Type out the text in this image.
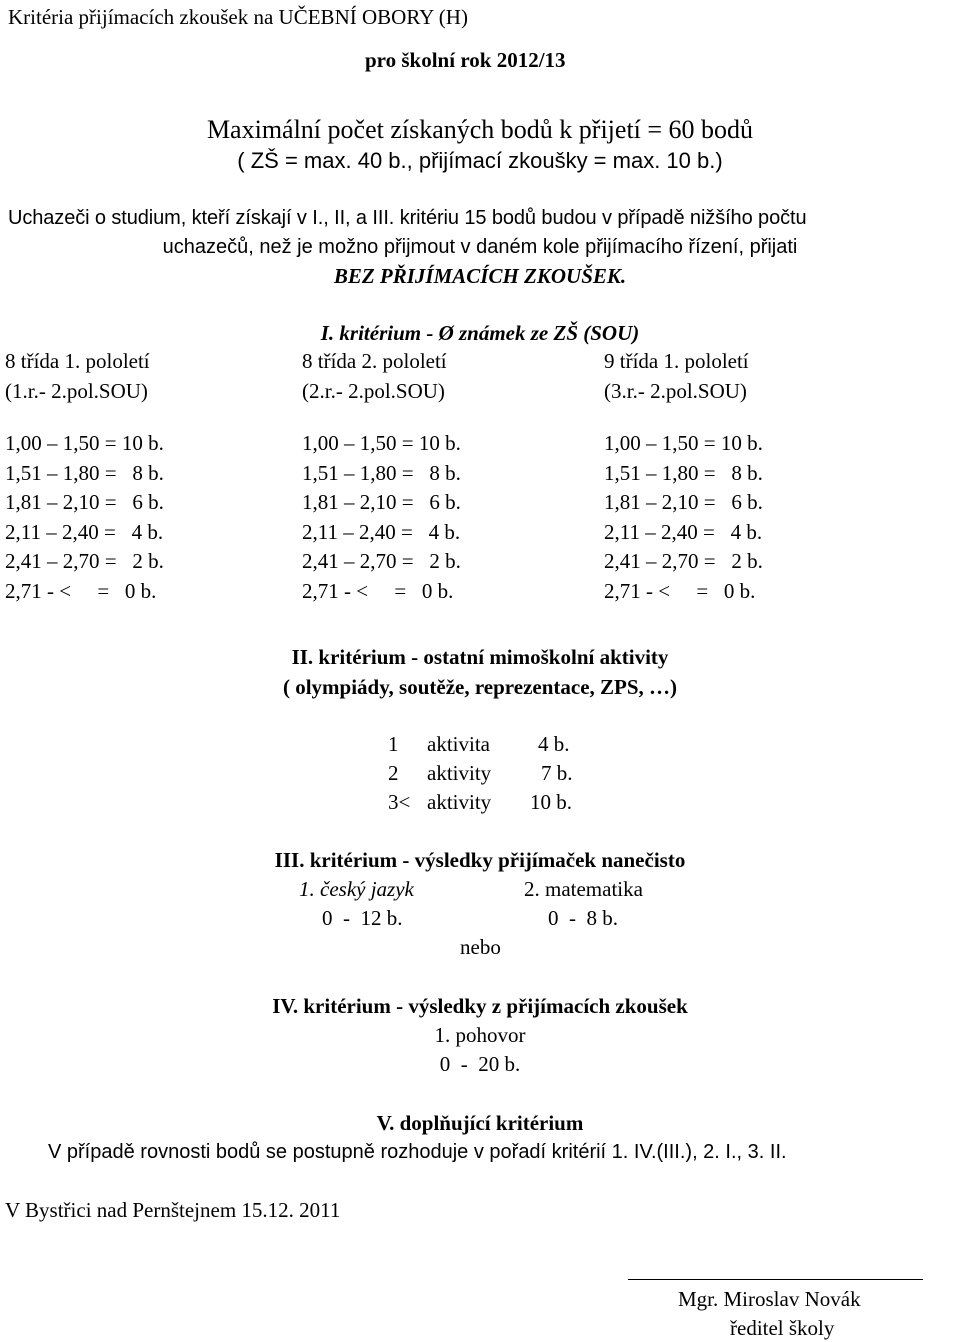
Kritéria přijímacích zkoušek na UČEBNÍ OBORY (H)
pro školní rok 2012/13
Maximální počet získaných bodů k přijetí = 60 bodů
( ZŠ = max. 40 b., přijímací zkoušky = max. 10 b.)
Uchazeči o studium, kteří získají v I., II, a III. kritériu 15 bodů budou v případě nižšího počtu
uchazečů, než je možno přijmout v daném kole přijímacího řízení, přijati
BEZ PŘIJÍMACÍCH ZKOUŠEK.
I. kritérium - Ø známek ze ZŠ (SOU)
8 třída 1. pololetí
(1.r.- 2.pol.SOU)
1,00 – 1,50 = 10 b.
1,51 – 1,80 =   8 b.
1,81 – 2,10 =   6 b.
2,11 – 2,40 =   4 b.
2,41 – 2,70 =   2 b.
2,71 - <     =   0 b.
8 třída 2. pololetí
(2.r.- 2.pol.SOU)
1,00 – 1,50 = 10 b.
1,51 – 1,80 =   8 b.
1,81 – 2,10 =   6 b.
2,11 – 2,40 =   4 b.
2,41 – 2,70 =   2 b.
2,71 - <     =   0 b.
9 třída 1. pololetí
(3.r.- 2.pol.SOU)
1,00 – 1,50 = 10 b.
1,51 – 1,80 =   8 b.
1,81 – 2,10 =   6 b.
2,11 – 2,40 =   4 b.
2,41 – 2,70 =   2 b.
2,71 - <     =   0 b.
II. kritérium - ostatní mimoškolní aktivity
( olympiády, soutěže, reprezentace, ZPS, …)
1 aktivita 4 b.
2 aktivity 7 b.
3< aktivity 10 b.
III. kritérium - výsledky přijímaček nanečisto
1. český jazyk	2. matematika
0  -  12 b.	0  -  8 b.
nebo
IV. kritérium - výsledky z přijímacích zkoušek
1. pohovor
0  -  20 b.
V. doplňující kritérium
V případě rovnosti bodů se postupně rozhoduje v pořadí kritérií 1. IV.(III.), 2. I., 3. II.
V Bystřici nad Pernštejnem 15.12. 2011
Mgr. Miroslav Novák
ředitel školy
